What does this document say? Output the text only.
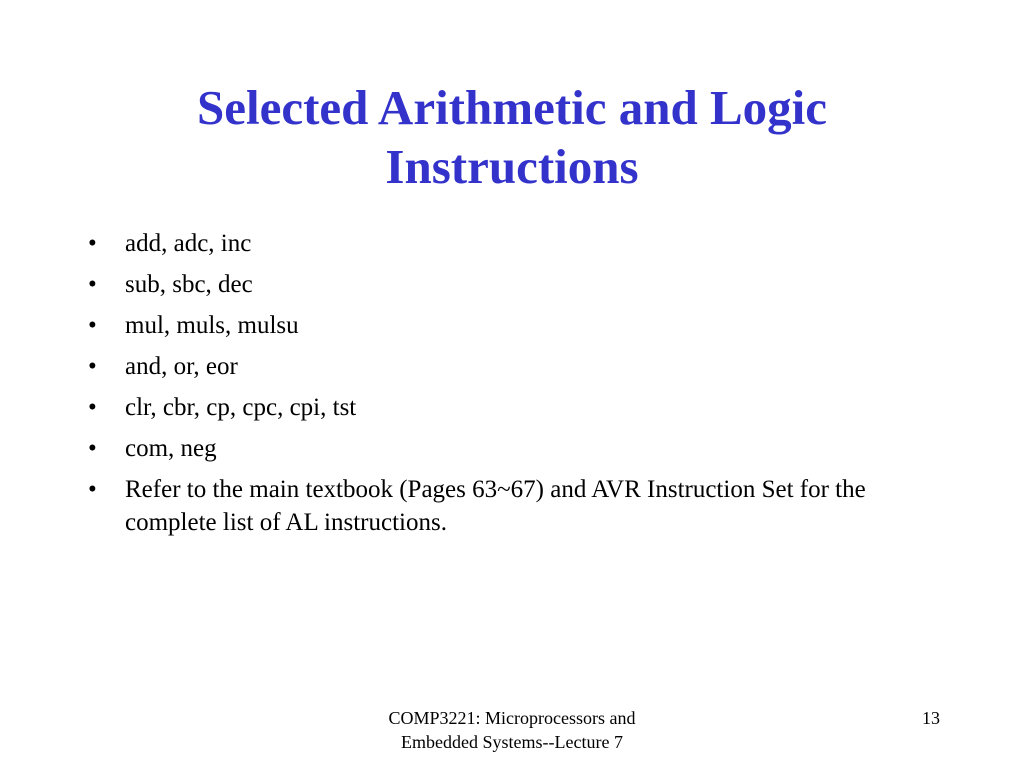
Selected Arithmetic and Logic
Instructions
• add, adc, inc
• sub, sbc, dec
• mul, muls, mulsu
• and, or, eor
• clr, cbr, cp, cpc, cpi, tst
• com, neg
• Refer to the main textbook (Pages 63~67) and AVR Instruction Set for the complete list of AL instructions.
COMP3221: Microprocessors and
Embedded Systems--Lecture 7
13
